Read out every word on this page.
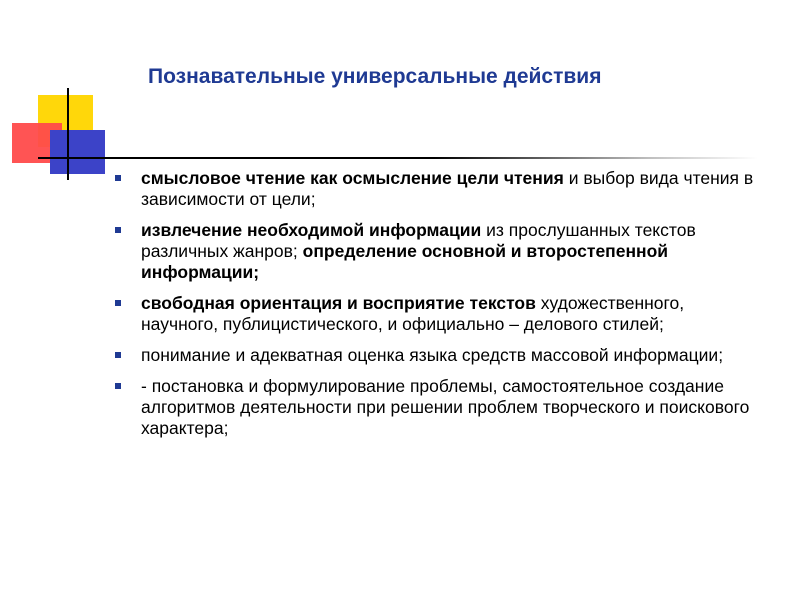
Познавательные универсальные действия
смысловое чтение как осмысление цели чтения и выбор вида чтения в зависимости от цели;
извлечение необходимой информации из прослушанных текстов различных жанров; определение основной и второстепенной информации;
свободная ориентация и восприятие текстов художественного, научного, публицистического, и официально – делового стилей;
понимание и адекватная оценка языка средств массовой информации;
- постановка и формулирование проблемы, самостоятельное создание алгоритмов деятельности при решении проблем творческого и поискового характера;
